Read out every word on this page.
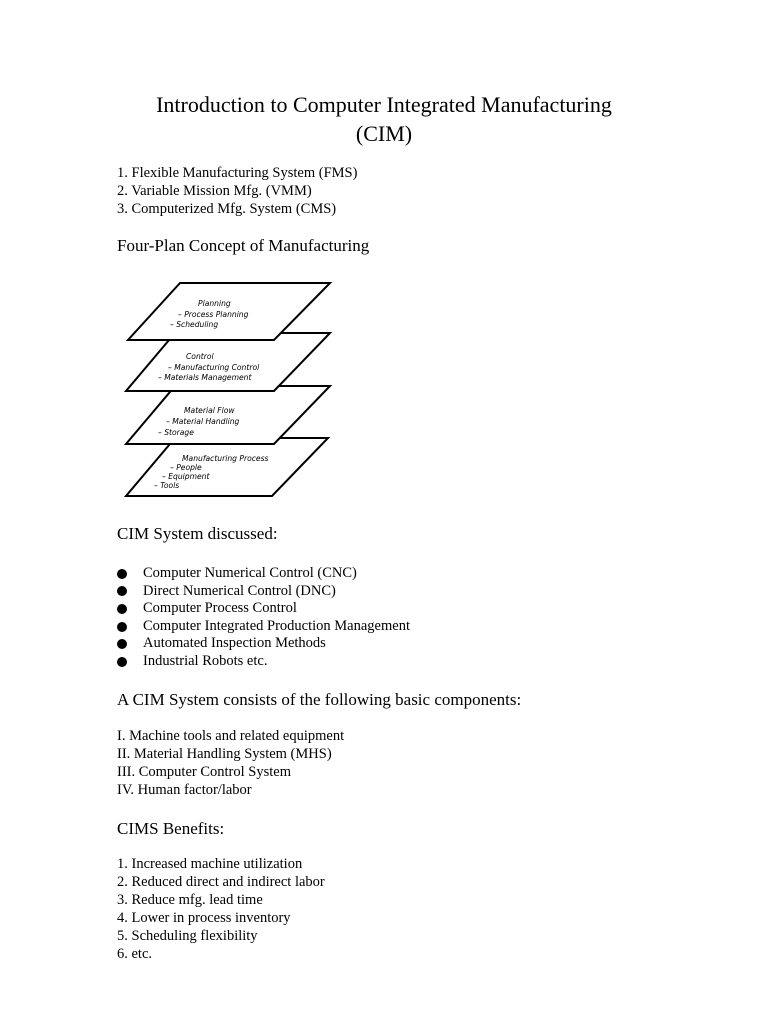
Introduction to Computer Integrated Manufacturing
(CIM)
1. Flexible Manufacturing System (FMS)
2. Variable Mission Mfg. (VMM)
3. Computerized Mfg. System (CMS)
Four-Plan Concept of Manufacturing
Manufacturing Process
– People
– Equipment
– Tools
Material Flow
– Material Handling
– Storage
Control
– Manufacturing Control
– Materials Management
Planning
– Process Planning
– Scheduling
CIM System discussed:
Computer Numerical Control (CNC)
Direct Numerical Control (DNC)
Computer Process Control
Computer Integrated Production Management
Automated Inspection Methods
Industrial Robots etc.
A CIM System consists of the following basic components:
I. Machine tools and related equipment
II. Material Handling System (MHS)
III. Computer Control System
IV. Human factor/labor
CIMS Benefits:
1. Increased machine utilization
2. Reduced direct and indirect labor
3. Reduce mfg. lead time
4. Lower in process inventory
5. Scheduling flexibility
6. etc.
